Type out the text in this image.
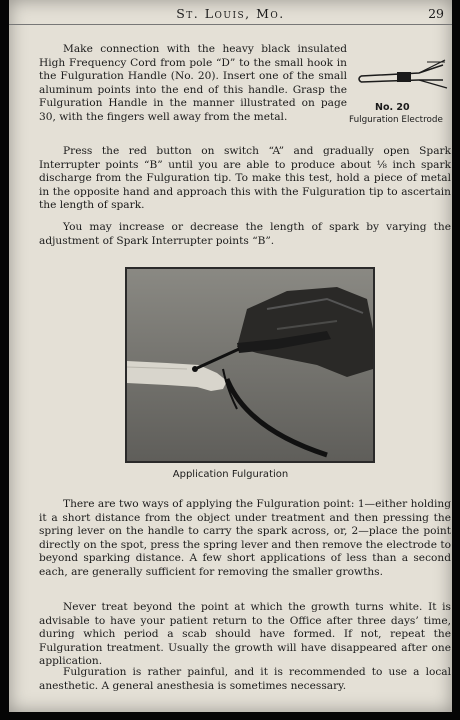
St. Louis, Mo.	29

Make connection with the heavy black insulated High Frequency Cord from pole “D” to the small hook in the Fulguration Handle (No. 20). Insert one of the small aluminum points into the end of this handle. Grasp the Fulguration Handle in the manner illustrated on page 30, with the fingers well away from the metal.

No. 20
Fulguration Electrode

Press the red button on switch “A” and gradually open Spark Interrupter points “B” until you are able to produce about ⅛ inch spark discharge from the Fulguration tip. To make this test, hold a piece of metal in the opposite hand and approach this with the Fulguration tip to ascertain the length of spark.

You may increase or decrease the length of spark by varying the adjustment of Spark Interrupter points “B”.

Application Fulguration

There are two ways of applying the Fulguration point: 1—either holding it a short distance from the object under treatment and then pressing the spring lever on the handle to carry the spark across, or, 2—place the point directly on the spot, press the spring lever and then remove the electrode to beyond sparking distance. A few short applications of less than a second each, are generally sufficient for removing the smaller growths.

Never treat beyond the point at which the growth turns white. It is advisable to have your patient return to the Office after three days’ time, during which period a scab should have formed. If not, repeat the Fulguration treatment. Usually the growth will have disappeared after one application.

Fulguration is rather painful, and it is recommended to use a local anesthetic. A general anesthesia is sometimes necessary.
